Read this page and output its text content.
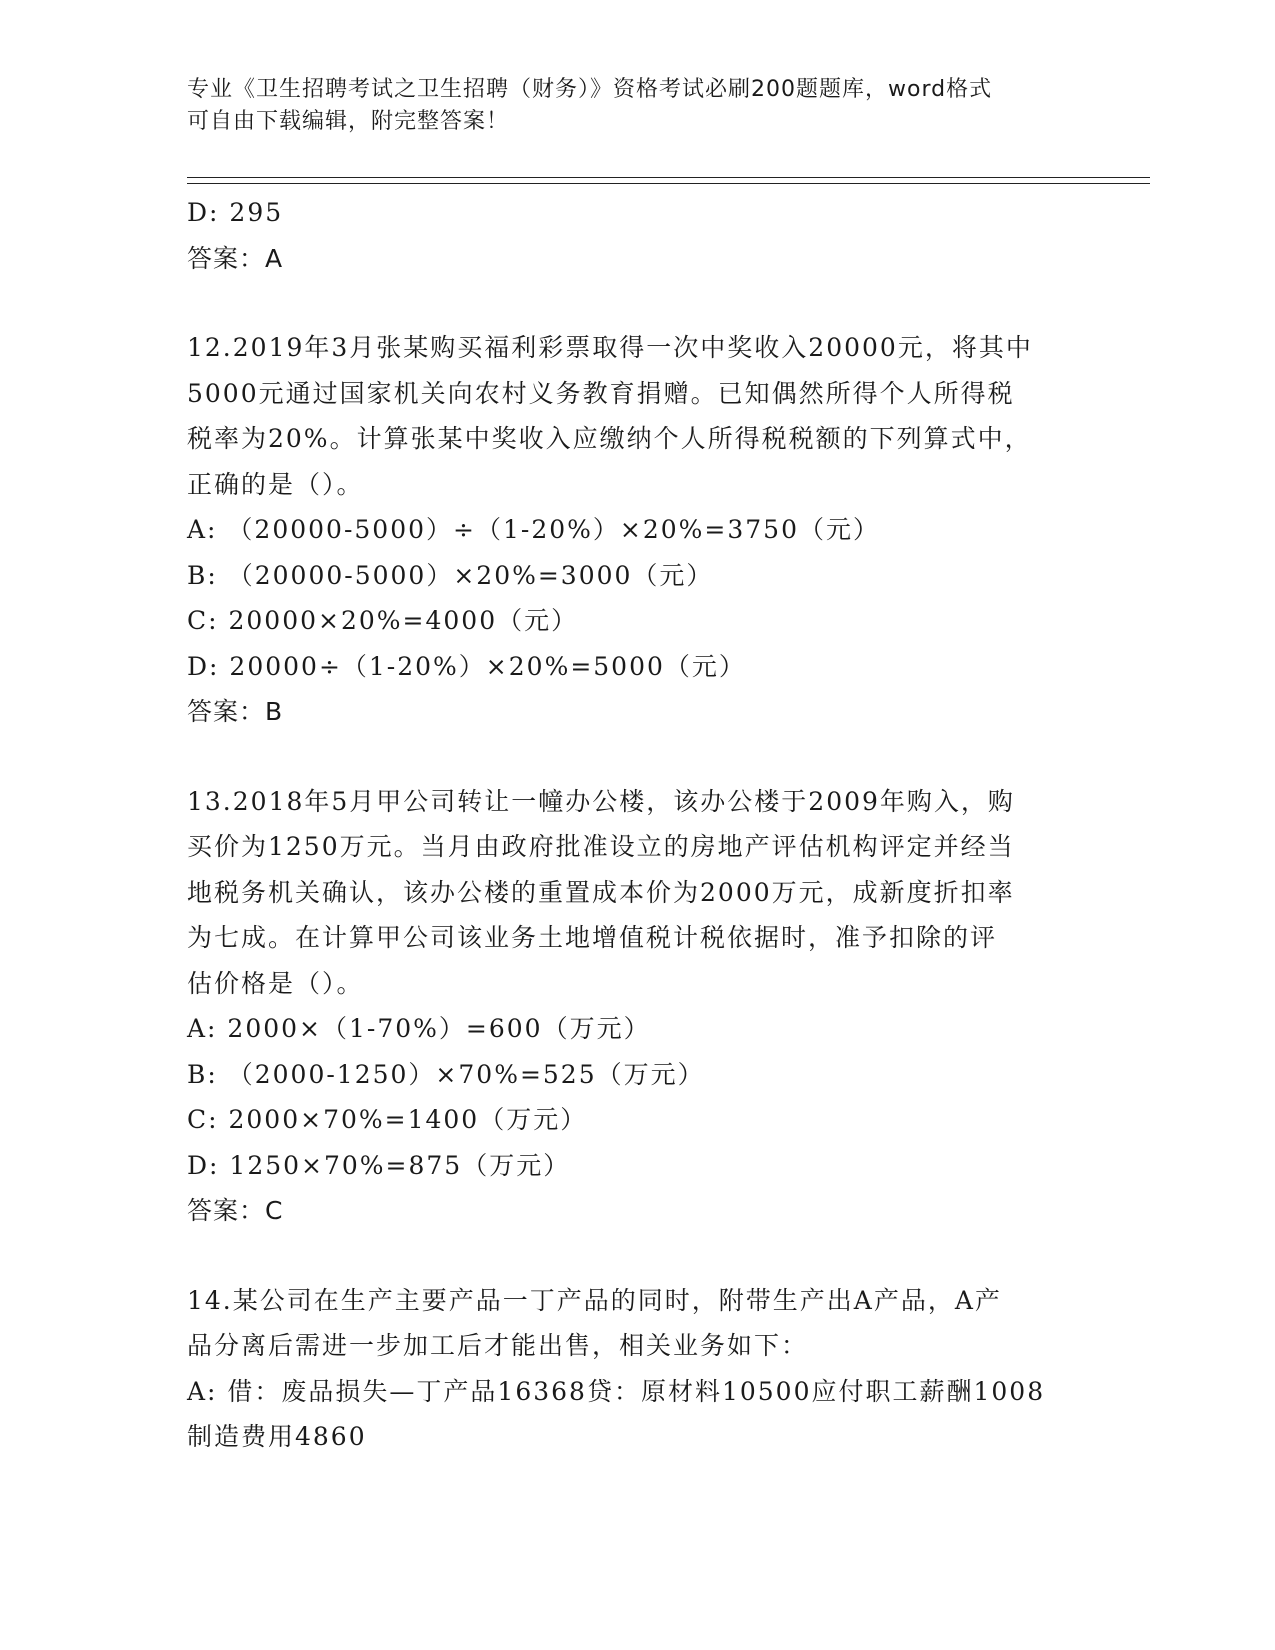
专业《卫生招聘考试之卫生招聘（财务）》资格考试必刷200题题库，word格式
可自由下载编辑，附完整答案！
D: 295
答案：A
12.2019年3月张某购买福利彩票取得一次中奖收入20000元，将其中
5000元通过国家机关向农村义务教育捐赠。已知偶然所得个人所得税
税率为20%。计算张某中奖收入应缴纳个人所得税税额的下列算式中，
正确的是（）。
A: （20000-5000）÷（1-20%）×20%=3750（元）
B: （20000-5000）×20%=3000（元）
C: 20000×20%=4000（元）
D: 20000÷（1-20%）×20%=5000（元）
答案：B
13.2018年5月甲公司转让一幢办公楼，该办公楼于2009年购入，购
买价为1250万元。当月由政府批准设立的房地产评估机构评定并经当
地税务机关确认，该办公楼的重置成本价为2000万元，成新度折扣率
为七成。在计算甲公司该业务土地增值税计税依据时，准予扣除的评
估价格是（）。
A: 2000×（1-70%）=600（万元）
B: （2000-1250）×70%=525（万元）
C: 2000×70%=1400（万元）
D: 1250×70%=875（万元）
答案：C
14.某公司在生产主要产品一丁产品的同时，附带生产出A产品，A产
品分离后需进一步加工后才能出售，相关业务如下：
A: 借：废品损失—丁产品16368贷：原材料10500应付职工薪酬1008
制造费用4860
